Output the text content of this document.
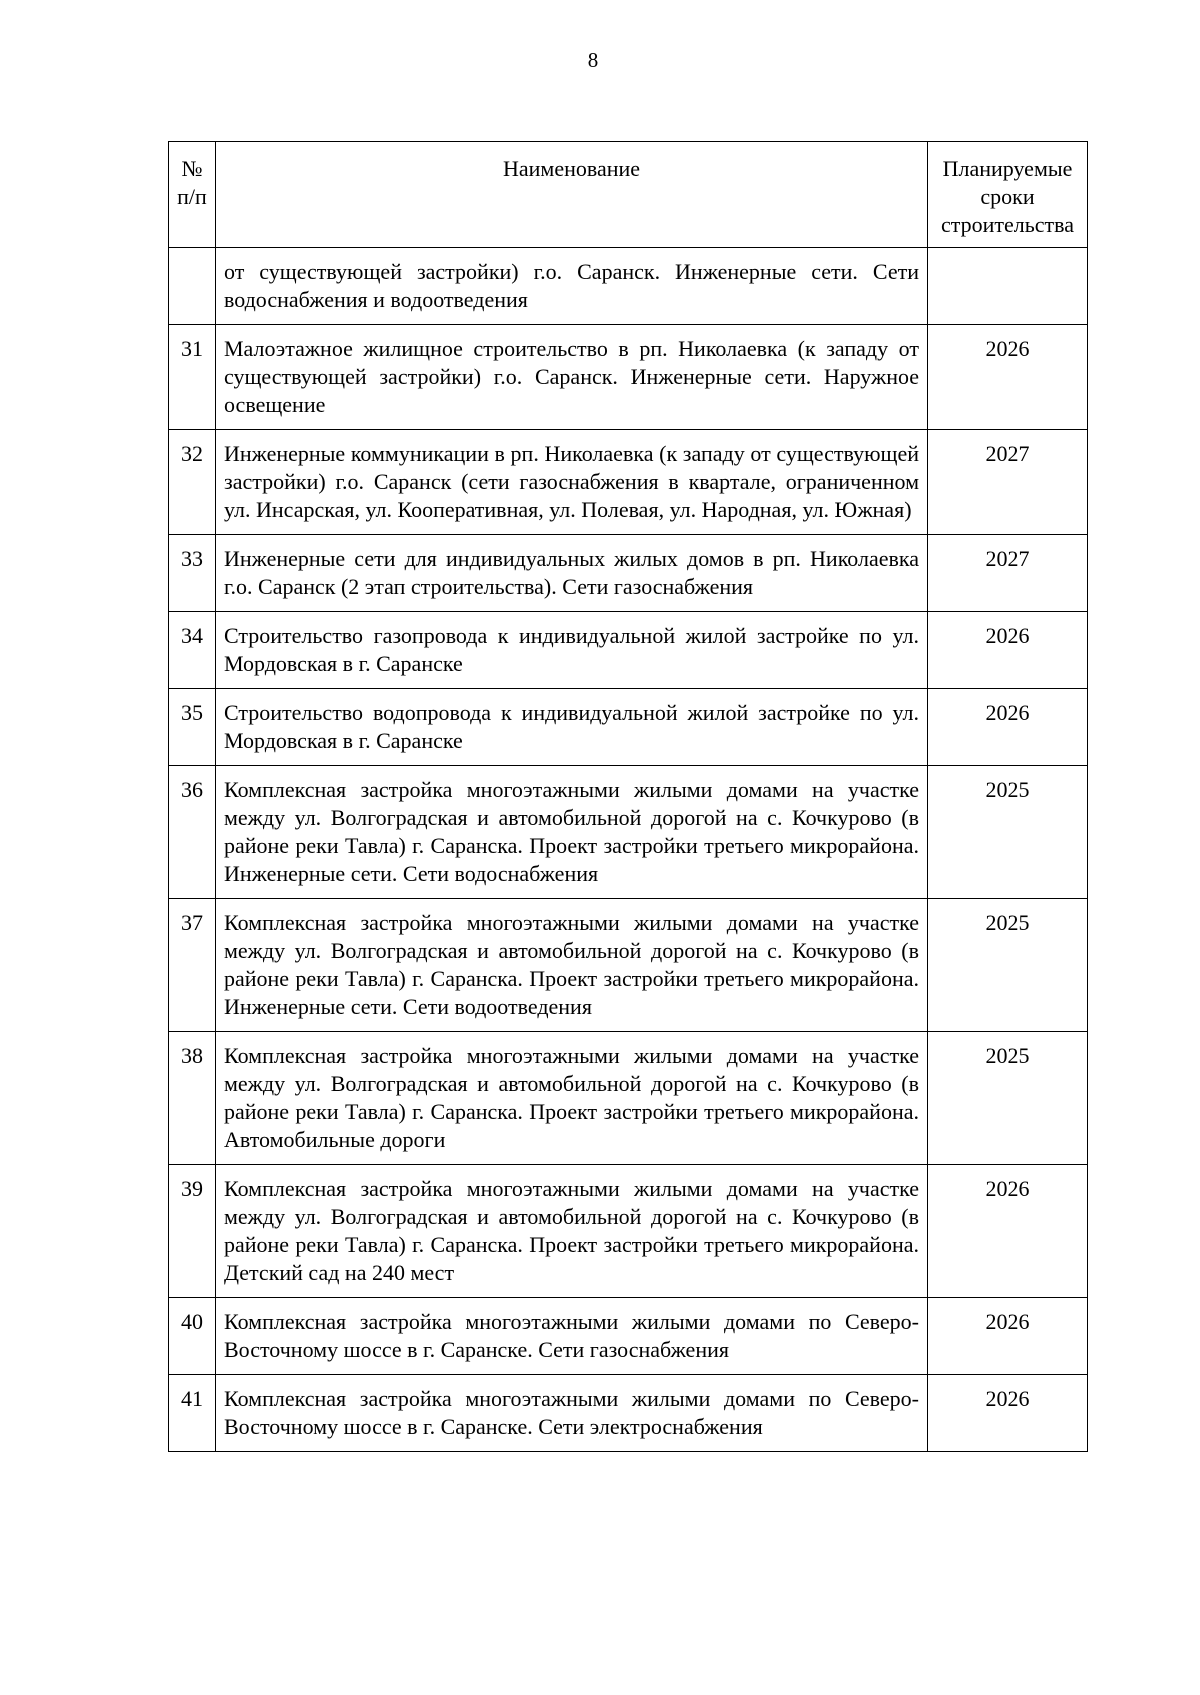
8
№ п/п	Наименование	Планируемые сроки строительства
	от существующей застройки) г.о. Саранск. Инженерные сети. Сети водоснабжения и водоотведения	
31	Малоэтажное жилищное строительство в рп. Николаевка (к западу от существующей застройки) г.о. Саранск. Инженерные сети. Наружное освещение	2026
32	Инженерные коммуникации в рп. Николаевка (к западу от существующей застройки) г.о. Саранск (сети газоснабжения в квартале, ограниченном ул. Инсарская, ул. Кооперативная, ул. Полевая, ул. Народная, ул. Южная)	2027
33	Инженерные сети для индивидуальных жилых домов в рп. Николаевка г.о. Саранск (2 этап строительства). Сети газоснабжения	2027
34	Строительство газопровода к индивидуальной жилой застройке по ул. Мордовская в г. Саранске	2026
35	Строительство водопровода к индивидуальной жилой застройке по ул. Мордовская в г. Саранске	2026
36	Комплексная застройка многоэтажными жилыми домами на участке между ул. Волгоградская и автомобильной дорогой на с. Кочкурово (в районе реки Тавла) г. Саранска. Проект застройки третьего микрорайона. Инженерные сети. Сети водоснабжения	2025
37	Комплексная застройка многоэтажными жилыми домами на участке между ул. Волгоградская и автомобильной дорогой на с. Кочкурово (в районе реки Тавла) г. Саранска. Проект застройки третьего микрорайона. Инженерные сети. Сети водоотведения	2025
38	Комплексная застройка многоэтажными жилыми домами на участке между ул. Волгоградская и автомобильной дорогой на с. Кочкурово (в районе реки Тавла) г. Саранска. Проект застройки третьего микрорайона. Автомобильные дороги	2025
39	Комплексная застройка многоэтажными жилыми домами на участке между ул. Волгоградская и автомобильной дорогой на с. Кочкурово (в районе реки Тавла) г. Саранска. Проект застройки третьего микрорайона. Детский сад на 240 мест	2026
40	Комплексная застройка многоэтажными жилыми домами по Северо-Восточному шоссе в г. Саранске. Сети газоснабжения	2026
41	Комплексная застройка многоэтажными жилыми домами по Северо-Восточному шоссе в г. Саранске. Сети электроснабжения	2026
